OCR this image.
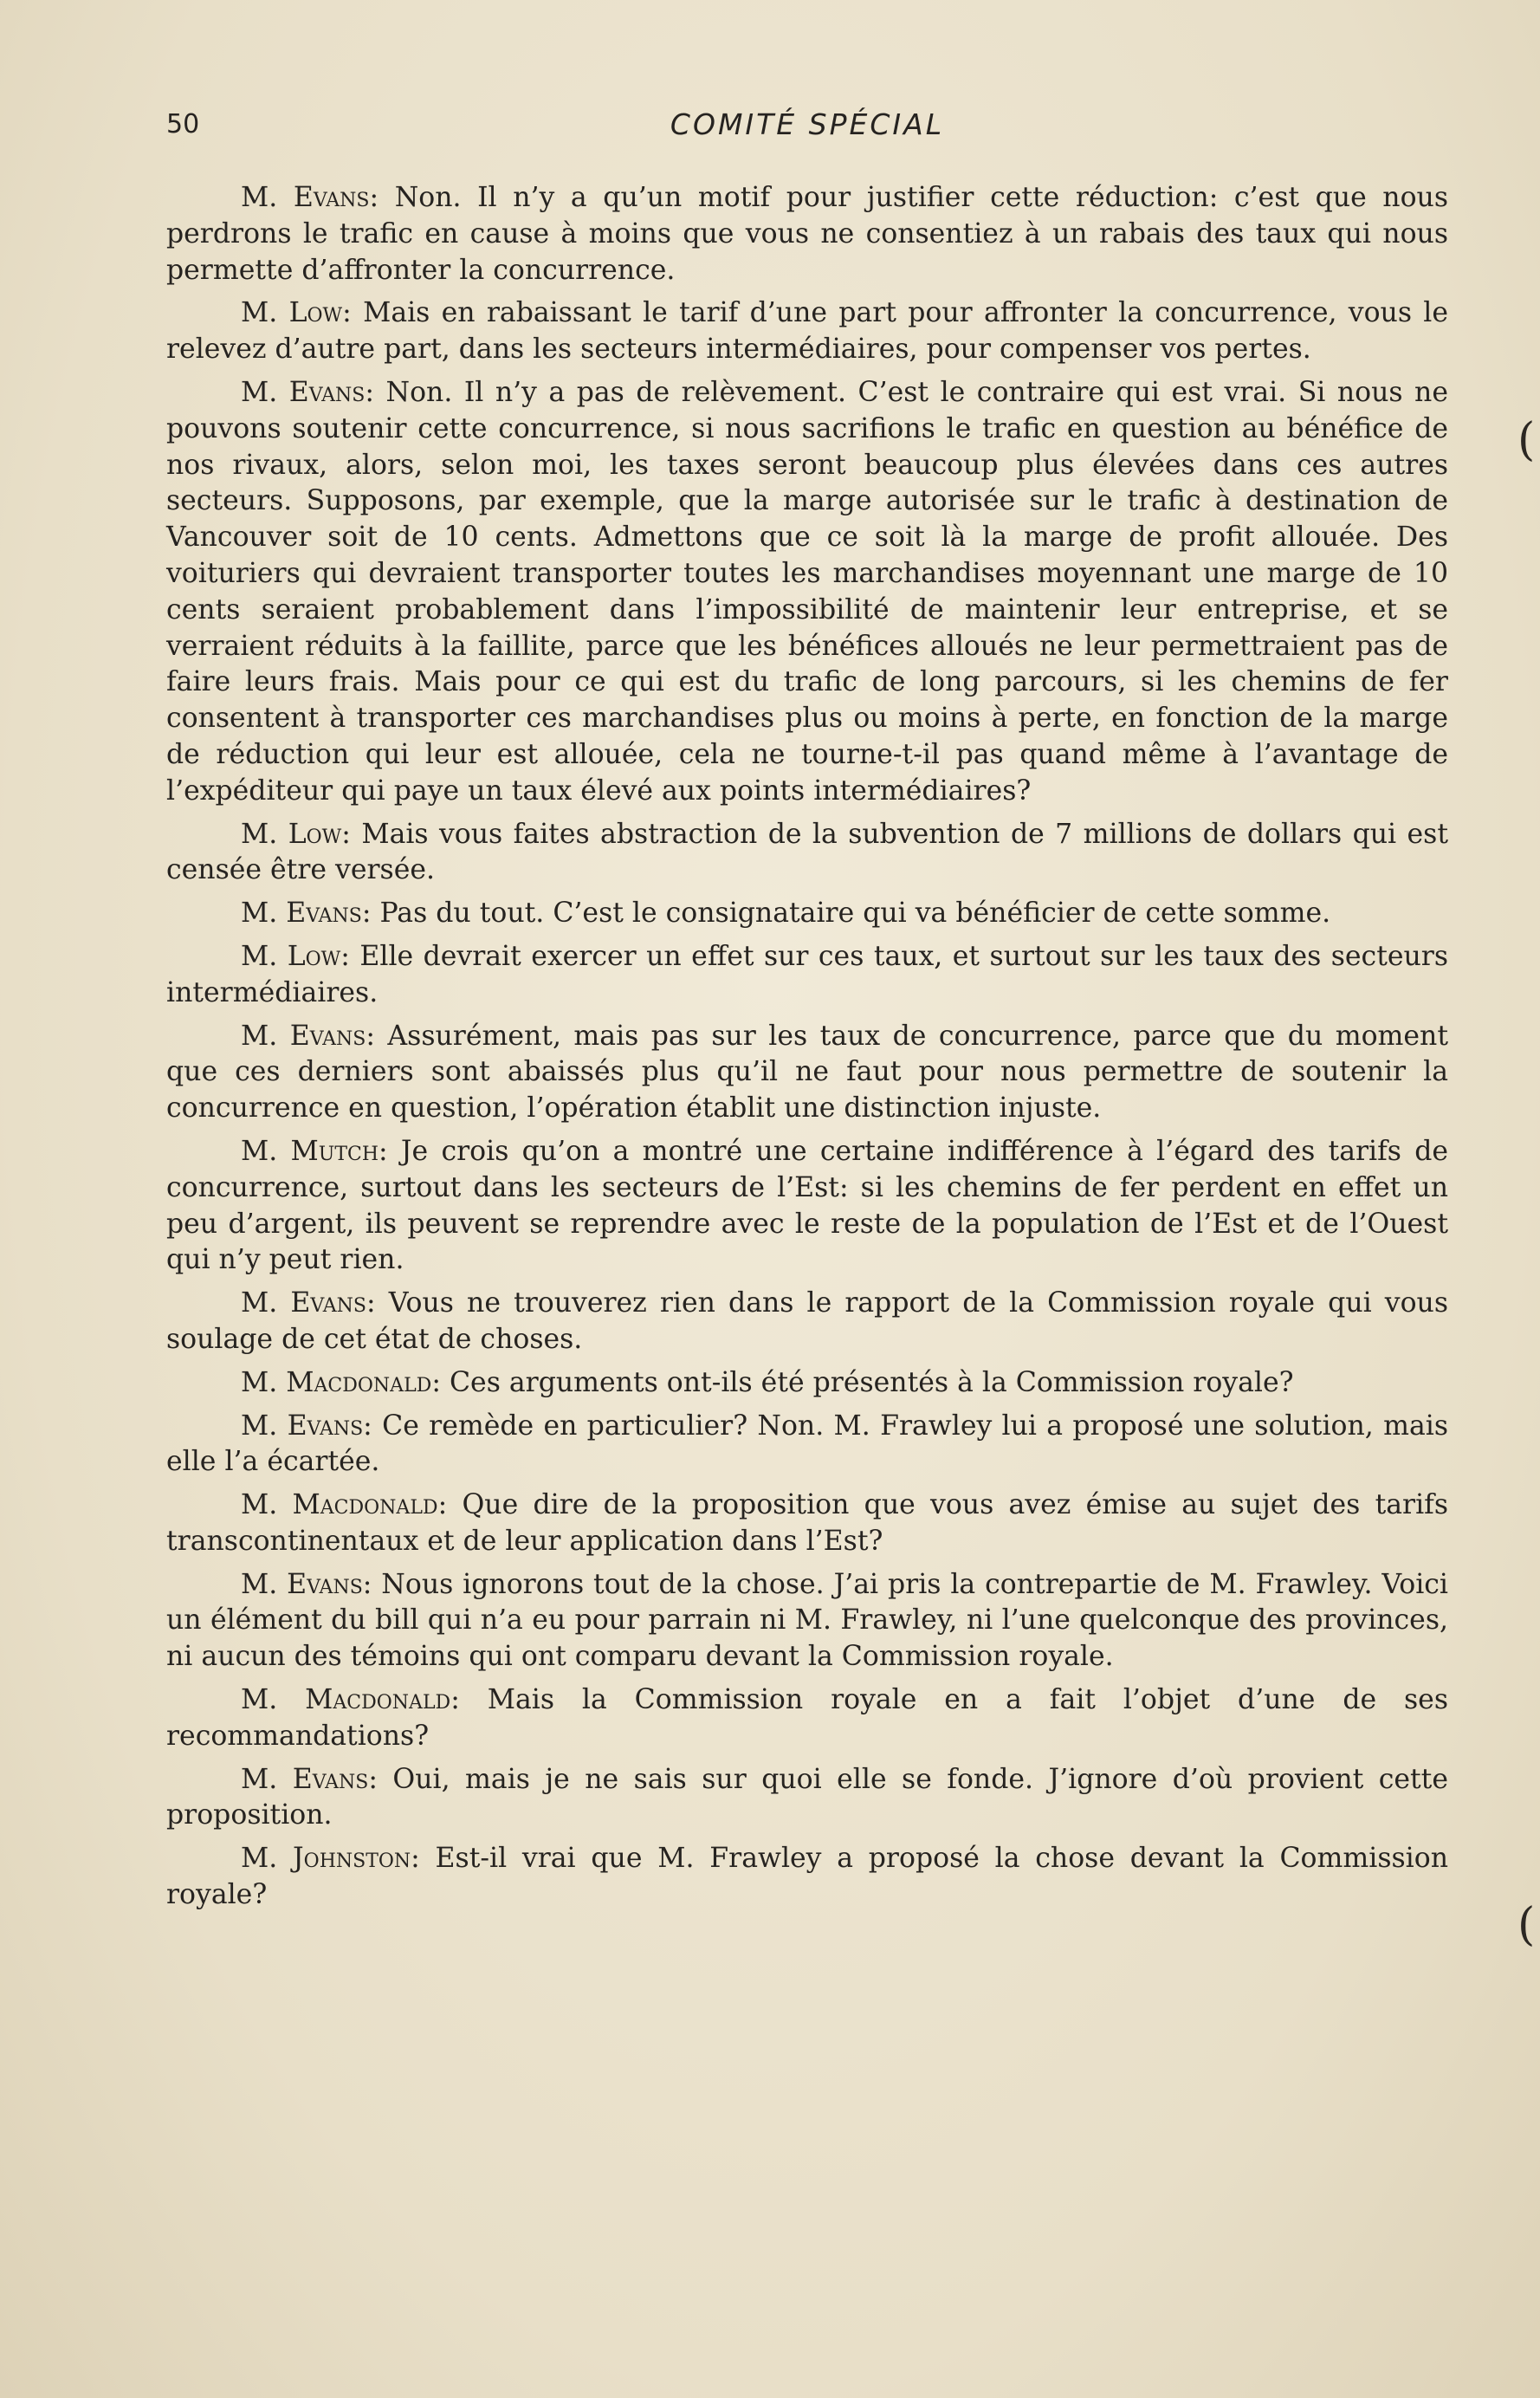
50	COMITÉ SPÉCIAL

M. Evans: Non. Il n’y a qu’un motif pour justifier cette réduction: c’est que nous perdrons le trafic en cause à moins que vous ne consentiez à un rabais des taux qui nous permette d’affronter la concurrence.

M. Low: Mais en rabaissant le tarif d’une part pour affronter la concurrence, vous le relevez d’autre part, dans les secteurs intermédiaires, pour compenser vos pertes.

M. Evans: Non. Il n’y a pas de relèvement. C’est le contraire qui est vrai. Si nous ne pouvons soutenir cette concurrence, si nous sacrifions le trafic en question au bénéfice de nos rivaux, alors, selon moi, les taxes seront beaucoup plus élevées dans ces autres secteurs. Supposons, par exemple, que la marge autorisée sur le trafic à destination de Vancouver soit de 10 cents. Admettons que ce soit là la marge de profit allouée. Des voituriers qui devraient transporter toutes les marchandises moyennant une marge de 10 cents seraient probablement dans l’impossibilité de maintenir leur entreprise, et se verraient réduits à la faillite, parce que les bénéfices alloués ne leur permettraient pas de faire leurs frais. Mais pour ce qui est du trafic de long parcours, si les chemins de fer consentent à transporter ces marchandises plus ou moins à perte, en fonction de la marge de réduction qui leur est allouée, cela ne tourne-t-il pas quand même à l’avantage de l’expéditeur qui paye un taux élevé aux points intermédiaires?

M. Low: Mais vous faites abstraction de la subvention de 7 millions de dollars qui est censée être versée.

M. Evans: Pas du tout. C’est le consignataire qui va bénéficier de cette somme.

M. Low: Elle devrait exercer un effet sur ces taux, et surtout sur les taux des secteurs intermédiaires.

M. Evans: Assurément, mais pas sur les taux de concurrence, parce que du moment que ces derniers sont abaissés plus qu’il ne faut pour nous permettre de soutenir la concurrence en question, l’opération établit une distinction injuste.

M. Mutch: Je crois qu’on a montré une certaine indifférence à l’égard des tarifs de concurrence, surtout dans les secteurs de l’Est: si les chemins de fer perdent en effet un peu d’argent, ils peuvent se reprendre avec le reste de la population de l’Est et de l’Ouest qui n’y peut rien.

M. Evans: Vous ne trouverez rien dans le rapport de la Commission royale qui vous soulage de cet état de choses.

M. Macdonald: Ces arguments ont-ils été présentés à la Commission royale?

M. Evans: Ce remède en particulier? Non. M. Frawley lui a proposé une solution, mais elle l’a écartée.

M. Macdonald: Que dire de la proposition que vous avez émise au sujet des tarifs transcontinentaux et de leur application dans l’Est?

M. Evans: Nous ignorons tout de la chose. J’ai pris la contrepartie de M. Frawley. Voici un élément du bill qui n’a eu pour parrain ni M. Frawley, ni l’une quelconque des provinces, ni aucun des témoins qui ont comparu devant la Commission royale.

M. Macdonald: Mais la Commission royale en a fait l’objet d’une de ses recommandations?

M. Evans: Oui, mais je ne sais sur quoi elle se fonde. J’ignore d’où provient cette proposition.

M. Johnston: Est-il vrai que M. Frawley a proposé la chose devant la Commission royale?

(
(
